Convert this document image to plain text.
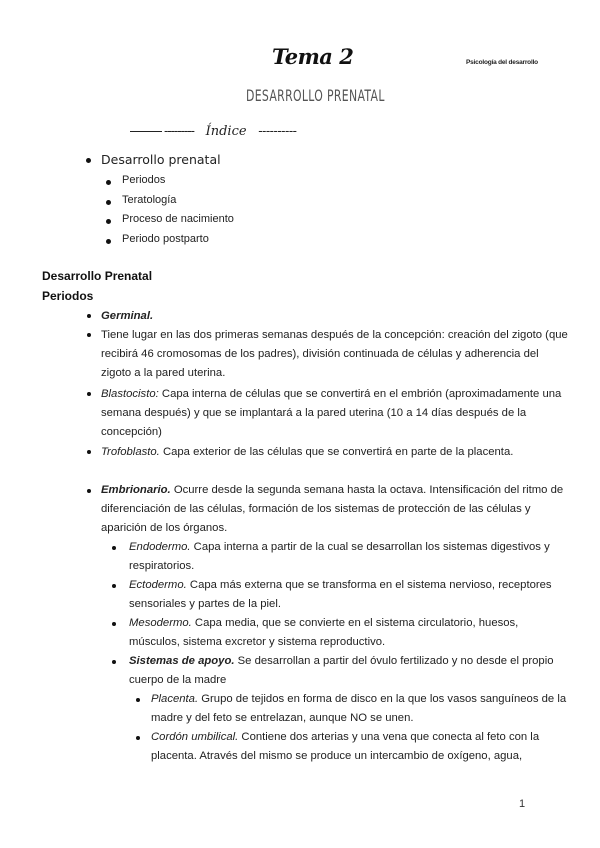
Tema 2	Psicología del desarrollo
DESARROLLO PRENATAL
--------- Índice ----------
Desarrollo prenatal
Periodos
Teratología
Proceso de nacimiento
Periodo postparto
Desarrollo Prenatal
Periodos
Germinal.
Tiene lugar en las dos primeras semanas después de la concepción: creación del zigoto (que
recibirá 46 cromosomas de los padres), división continuada de células y adherencia del
zigoto a la pared uterina.
Blastocisto: Capa interna de células que se convertirá en el embrión (aproximadamente una
semana después) y que se implantará a la pared uterina (10 a 14 días después de la
concepción)
Trofoblasto. Capa exterior de las células que se convertirá en parte de la placenta.
Embrionario. Ocurre desde la segunda semana hasta la octava. Intensificación del ritmo de
diferenciación de las células, formación de los sistemas de protección de las células y
aparición de los órganos.
Endodermo. Capa interna a partir de la cual se desarrollan los sistemas digestivos y
respiratorios.
Ectodermo. Capa más externa que se transforma en el sistema nervioso, receptores
sensoriales y partes de la piel.
Mesodermo. Capa media, que se convierte en el sistema circulatorio, huesos,
músculos, sistema excretor y sistema reproductivo.
Sistemas de apoyo. Se desarrollan a partir del óvulo fertilizado y no desde el propio
cuerpo de la madre
Placenta. Grupo de tejidos en forma de disco en la que los vasos sanguíneos de la
madre y del feto se entrelazan, aunque NO se unen.
Cordón umbilical. Contiene dos arterias y una vena que conecta al feto con la
placenta. Através del mismo se produce un intercambio de oxígeno, agua,
1
